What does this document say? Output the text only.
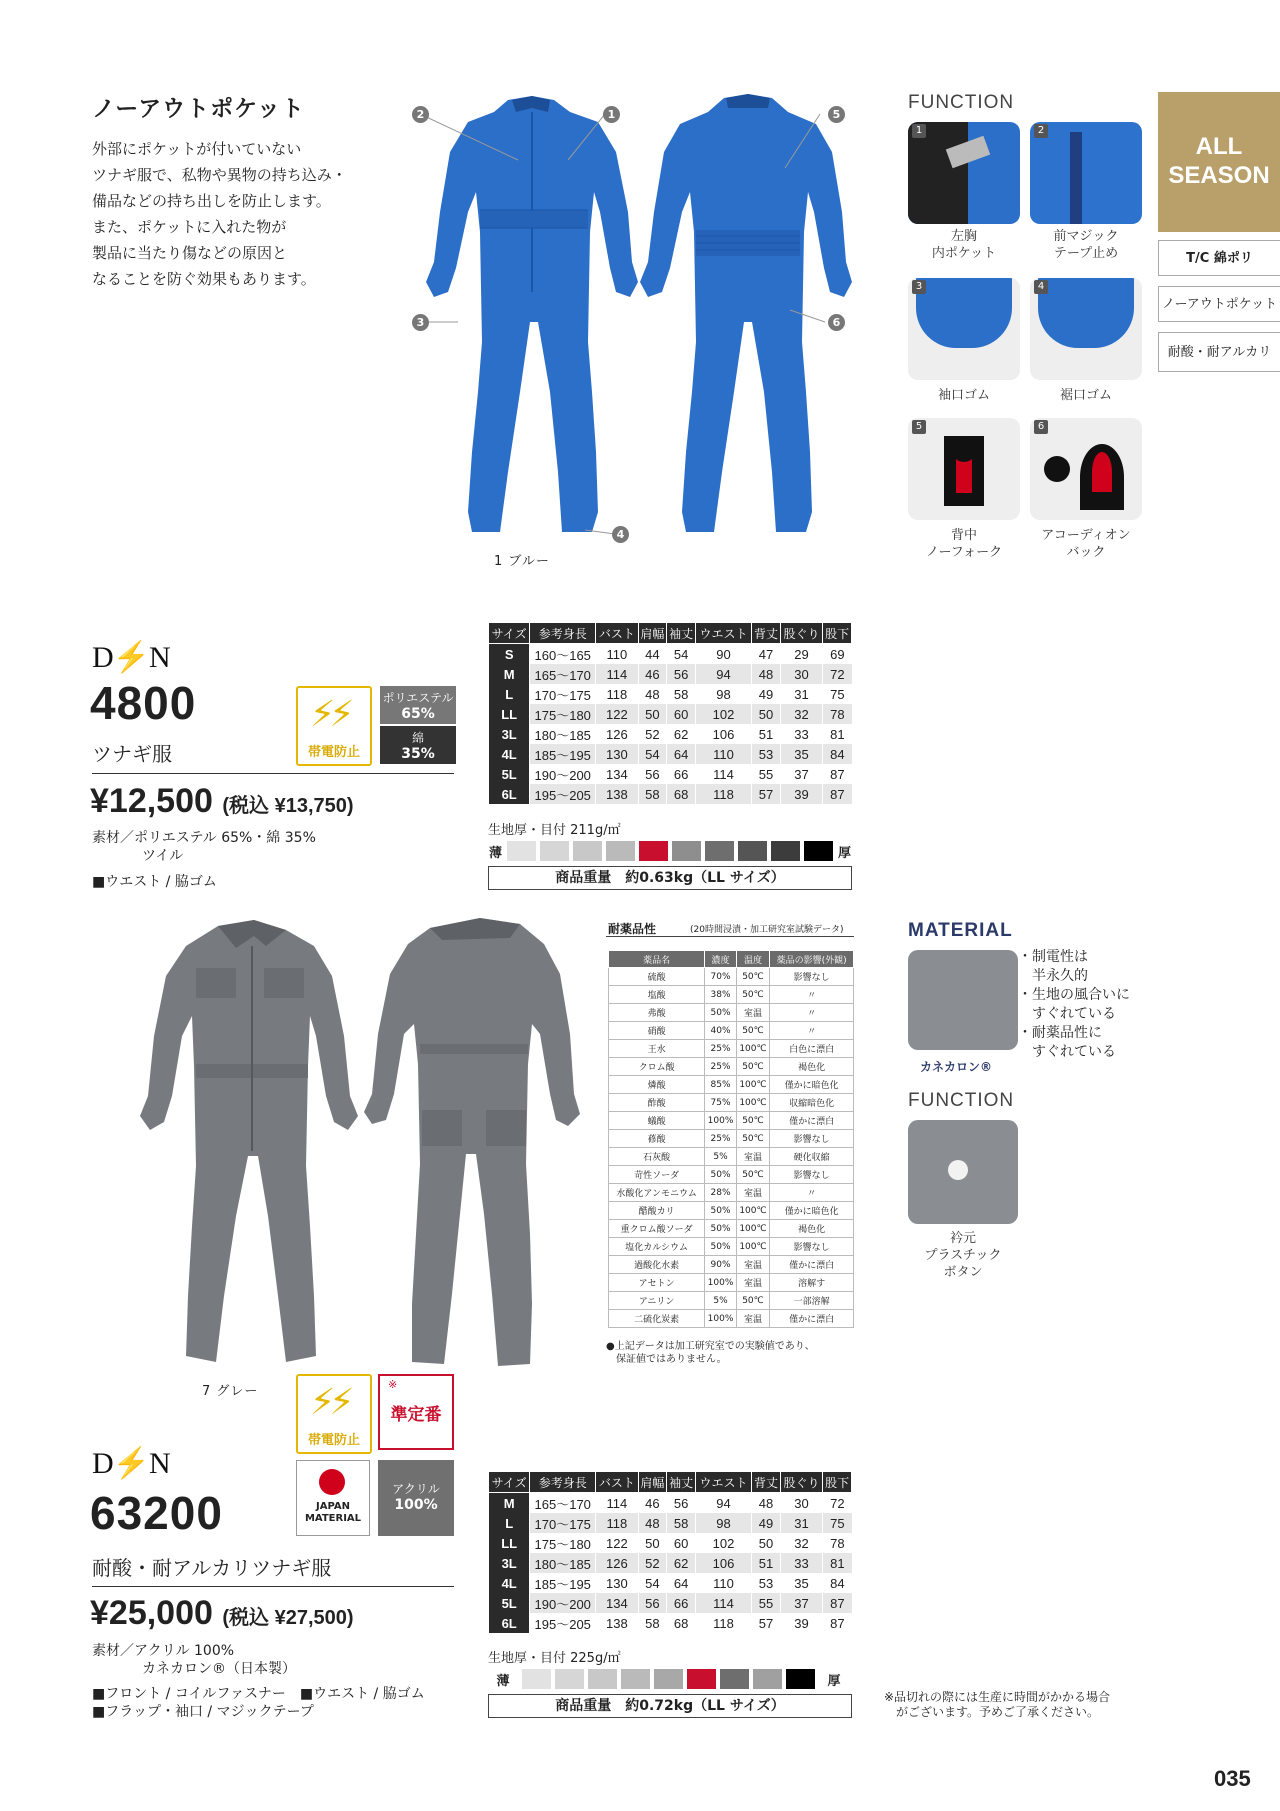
ノーアウトポケット
外部にポケットが付いていない
ツナギ服で、私物や異物の持ち込み・
備品などの持ち出しを防止します。
また、ポケットに入れた物が
製品に当たり傷などの原因と
なることを防ぐ効果もあります。
1
2
3
4
5
6
1 ブルー
FUNCTION
1
左胸
内ポケット
2
前マジック
テープ止め
3
袖口ゴム
4
裾口ゴム
5
背中
ノーフォーク
6
アコーディオン
バック
ALL
SEASON
T/C 綿ポリ
ノーアウトポケット
耐酸・耐アルカリ
D⚡N
4800
ツナギ服
⚡⚡
帯電防止
ポリエステル
65%
綿
35%
¥12,500 (税込 ¥13,750)
素材／ポリエステル 65%・綿 35%
ツイル
■ウエスト / 脇ゴム
サイズ	参考身長	バスト	肩幅	袖丈	ウエスト	背丈	股ぐり	股下
S	160～165	110	44	54	90	47	29	69
M	165～170	114	46	56	94	48	30	72
L	170～175	118	48	58	98	49	31	75
LL	175～180	122	50	60	102	50	32	78
3L	180～185	126	52	62	106	51	33	81
4L	185～195	130	54	64	110	53	35	84
5L	190～200	134	56	66	114	55	37	87
6L	195～205	138	58	68	118	57	39	87
生地厚・目付 211g/㎡
薄	厚
商品重量　約0.63kg（LL サイズ）
7 グレー
耐薬品性	(20時間浸漬・加工研究室試験データ)
薬品名	濃度	温度	薬品の影響(外観)
硫酸	70%	50℃	影響なし
塩酸	38%	50℃	〃
弗酸	50%	室温	〃
硝酸	40%	50℃	〃
王水	25%	100℃	白色に漂白
クロム酸	25%	50℃	褐色化
燐酸	85%	100℃	僅かに暗色化
酢酸	75%	100℃	収縮暗色化
蟻酸	100%	50℃	僅かに漂白
蓚酸	25%	50℃	影響なし
石灰酸	5%	室温	硬化収縮
苛性ソーダ	50%	50℃	影響なし
水酸化アンモニウム	28%	室温	〃
醋酸カリ	50%	100℃	僅かに暗色化
重クロム酸ソーダ	50%	100℃	褐色化
塩化カルシウム	50%	100℃	影響なし
過酸化水素	90%	室温	僅かに漂白
アセトン	100%	室温	溶解す
アニリン	5%	50℃	一部溶解
二硫化炭素	100%	室温	僅かに漂白
●上記データは加工研究室での実験値であり、
保証値ではありません。
MATERIAL
カネカロン®
・制電性は
　半永久的
・生地の風合いに
　すぐれている
・耐薬品性に
　すぐれている
FUNCTION
衿元
プラスチック
ボタン
⚡⚡
帯電防止
※
準定番
JAPAN
MATERIAL
アクリル
100%
D⚡N
63200
耐酸・耐アルカリツナギ服
¥25,000 (税込 ¥27,500)
素材／アクリル 100%
カネカロン®（日本製）
■フロント / コイルファスナー　■ウエスト / 脇ゴム
■フラップ・袖口 / マジックテープ
サイズ	参考身長	バスト	肩幅	袖丈	ウエスト	背丈	股ぐり	股下
M	165～170	114	46	56	94	48	30	72
L	170～175	118	48	58	98	49	31	75
LL	175～180	122	50	60	102	50	32	78
3L	180～185	126	52	62	106	51	33	81
4L	185～195	130	54	64	110	53	35	84
5L	190～200	134	56	66	114	55	37	87
6L	195～205	138	58	68	118	57	39	87
生地厚・目付 225g/㎡
薄	厚
商品重量　約0.72kg（LL サイズ）
※品切れの際には生産に時間がかかる場合
　がございます。予めご了承ください。
035
